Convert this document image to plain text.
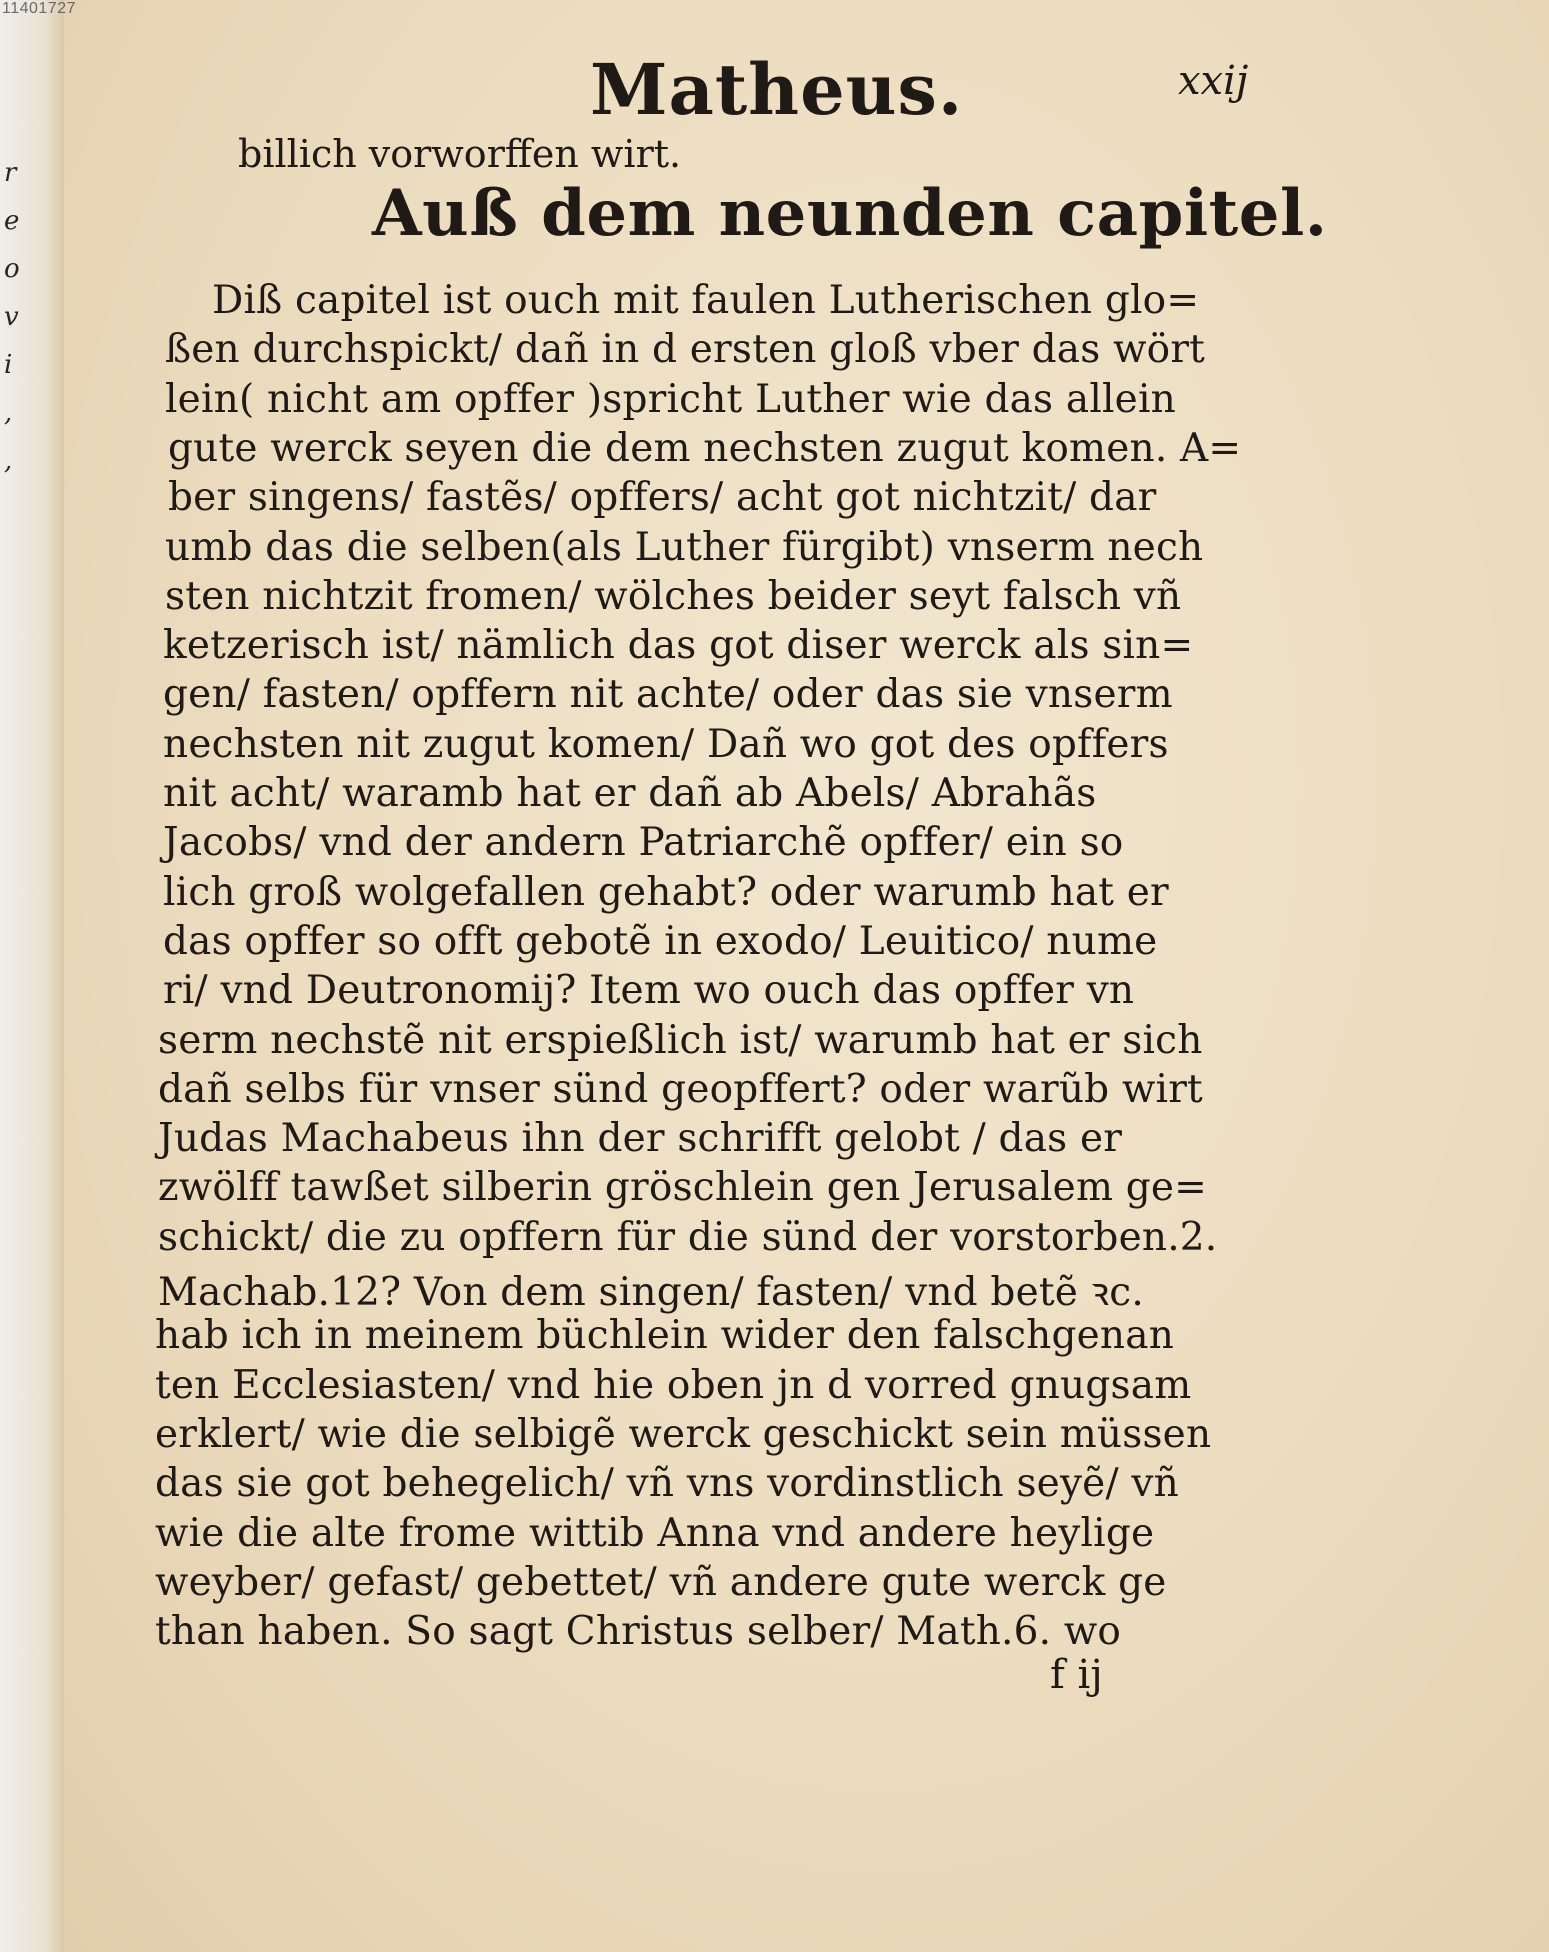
Matheus.	xxij
billich vorworffen wirt.
Auß dem neunden capitel.
Diß capitel ist ouch mit faulen Lutherischen glo=
ßen durchspickt/ dañ in d ersten gloß vber das wört
lein( nicht am opffer )spricht Luther wie das allein
gute werck seyen die dem nechsten zugut komen. A=
ber singens/ fastẽs/ opffers/ acht got nichtzit/ dar
umb das die selben(als Luther fürgibt) vnserm nech
sten nichtzit fromen/ wölches beider seyt falsch vñ
ketzerisch ist/ nämlich das got diser werck als sin=
gen/ fasten/ opffern nit achte/ oder das sie vnserm
nechsten nit zugut komen/ Dañ wo got des opffers
nit acht/ waramb hat er dañ ab Abels/ Abrahãs
Jacobs/ vnd der andern Patriarchẽ opffer/ ein so
lich groß wolgefallen gehabt? oder warumb hat er
das opffer so offt gebotẽ in exodo/ Leuitico/ nume
ri/ vnd Deutronomij? Item wo ouch das opffer vn
serm nechstẽ nit erspießlich ist/ warumb hat er sich
dañ selbs für vnser sünd geopffert? oder warũb wirt
Judas Machabeus ihn der schrifft gelobt / das er
zwölff tawßet silberin gröschlein gen Jerusalem ge=
schickt/ die zu opffern für die sünd der vorstorben.2.
Machab.12? Von dem singen/ fasten/ vnd betẽ ꝛc.
hab ich in meinem büchlein wider den falschgenan
ten Ecclesiasten/ vnd hie oben jn d vorred gnugsam
erklert/ wie die selbigẽ werck geschickt sein müssen
das sie got behegelich/ vñ vns vordinstlich seyẽ/ vñ
wie die alte frome wittib Anna vnd andere heylige
weyber/ gefast/ gebettet/ vñ andere gute werck ge
than haben. So sagt Christus selber/ Math.6. wo
f ij
11401727
r
e
o
v
i
,
,
